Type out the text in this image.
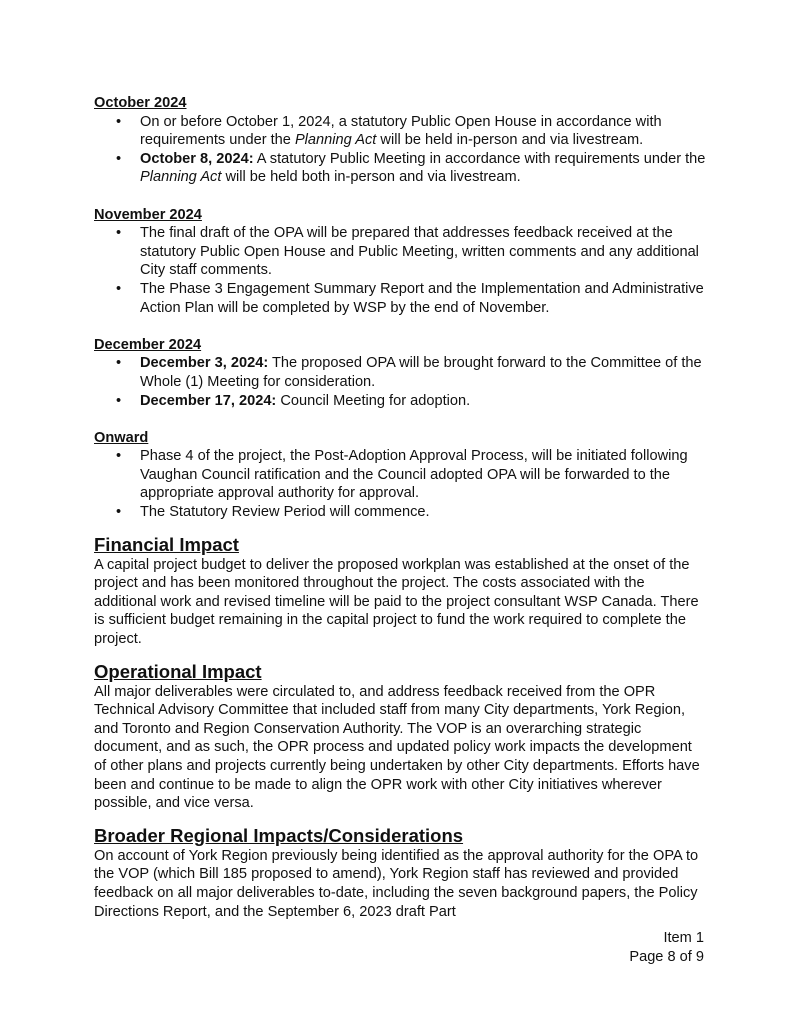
October 2024

• On or before October 1, 2024, a statutory Public Open House in accordance with requirements under the Planning Act will be held in-person and via livestream.
• October 8, 2024: A statutory Public Meeting in accordance with requirements under the Planning Act will be held both in-person and via livestream.

November 2024

• The final draft of the OPA will be prepared that addresses feedback received at the statutory Public Open House and Public Meeting, written comments and any additional City staff comments.
• The Phase 3 Engagement Summary Report and the Implementation and Administrative Action Plan will be completed by WSP by the end of November.

December 2024

• December 3, 2024: The proposed OPA will be brought forward to the Committee of the Whole (1) Meeting for consideration.
• December 17, 2024: Council Meeting for adoption.

Onward

• Phase 4 of the project, the Post-Adoption Approval Process, will be initiated following Vaughan Council ratification and the Council adopted OPA will be forwarded to the appropriate approval authority for approval.
• The Statutory Review Period will commence.

Financial Impact

A capital project budget to deliver the proposed workplan was established at the onset of the project and has been monitored throughout the project. The costs associated with the additional work and revised timeline will be paid to the project consultant WSP Canada. There is sufficient budget remaining in the capital project to fund the work required to complete the project.

Operational Impact

All major deliverables were circulated to, and address feedback received from the OPR Technical Advisory Committee that included staff from many City departments, York Region, and Toronto and Region Conservation Authority. The VOP is an overarching strategic document, and as such, the OPR process and updated policy work impacts the development of other plans and projects currently being undertaken by other City departments. Efforts have been and continue to be made to align the OPR work with other City initiatives wherever possible, and vice versa.

Broader Regional Impacts/Considerations

On account of York Region previously being identified as the approval authority for the OPA to the VOP (which Bill 185 proposed to amend), York Region staff has reviewed and provided feedback on all major deliverables to-date, including the seven background papers, the Policy Directions Report, and the September 6, 2023 draft Part

Item 1
Page 8 of 9
